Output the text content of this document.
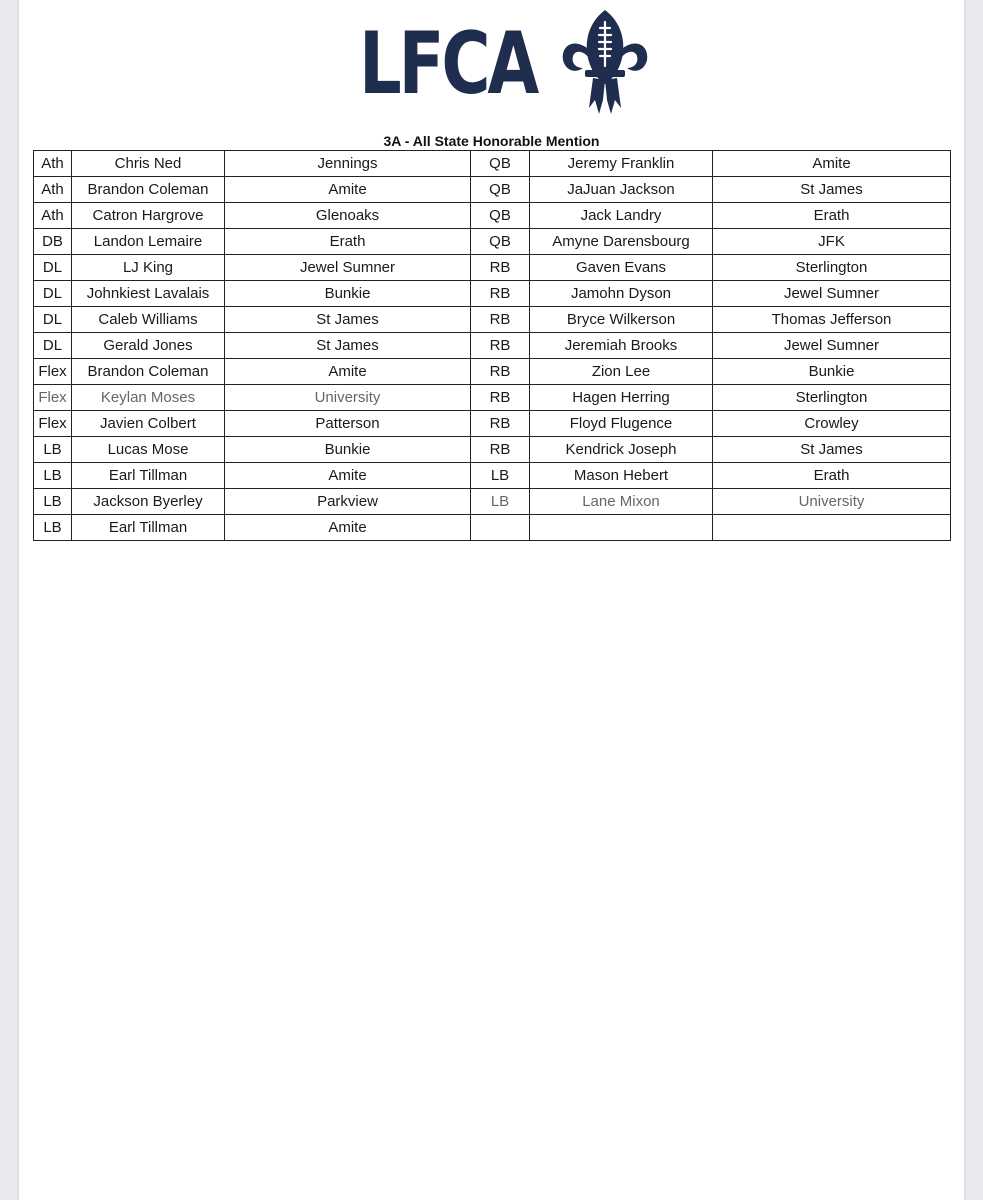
LFCA
3A - All State Honorable Mention
Ath	Chris Ned	Jennings	QB	Jeremy Franklin	Amite
Ath	Brandon Coleman	Amite	QB	JaJuan Jackson	St James
Ath	Catron Hargrove	Glenoaks	QB	Jack Landry	Erath
DB	Landon Lemaire	Erath	QB	Amyne Darensbourg	JFK
DL	LJ King	Jewel Sumner	RB	Gaven Evans	Sterlington
DL	Johnkiest Lavalais	Bunkie	RB	Jamohn Dyson	Jewel Sumner
DL	Caleb Williams	St James	RB	Bryce Wilkerson	Thomas Jefferson
DL	Gerald Jones	St James	RB	Jeremiah Brooks	Jewel Sumner
Flex	Brandon Coleman	Amite	RB	Zion Lee	Bunkie
Flex	Keylan Moses	University	RB	Hagen Herring	Sterlington
Flex	Javien Colbert	Patterson	RB	Floyd Flugence	Crowley
LB	Lucas Mose	Bunkie	RB	Kendrick Joseph	St James
LB	Earl Tillman	Amite	LB	Mason Hebert	Erath
LB	Jackson Byerley	Parkview	LB	Lane Mixon	University
LB	Earl Tillman	Amite			
